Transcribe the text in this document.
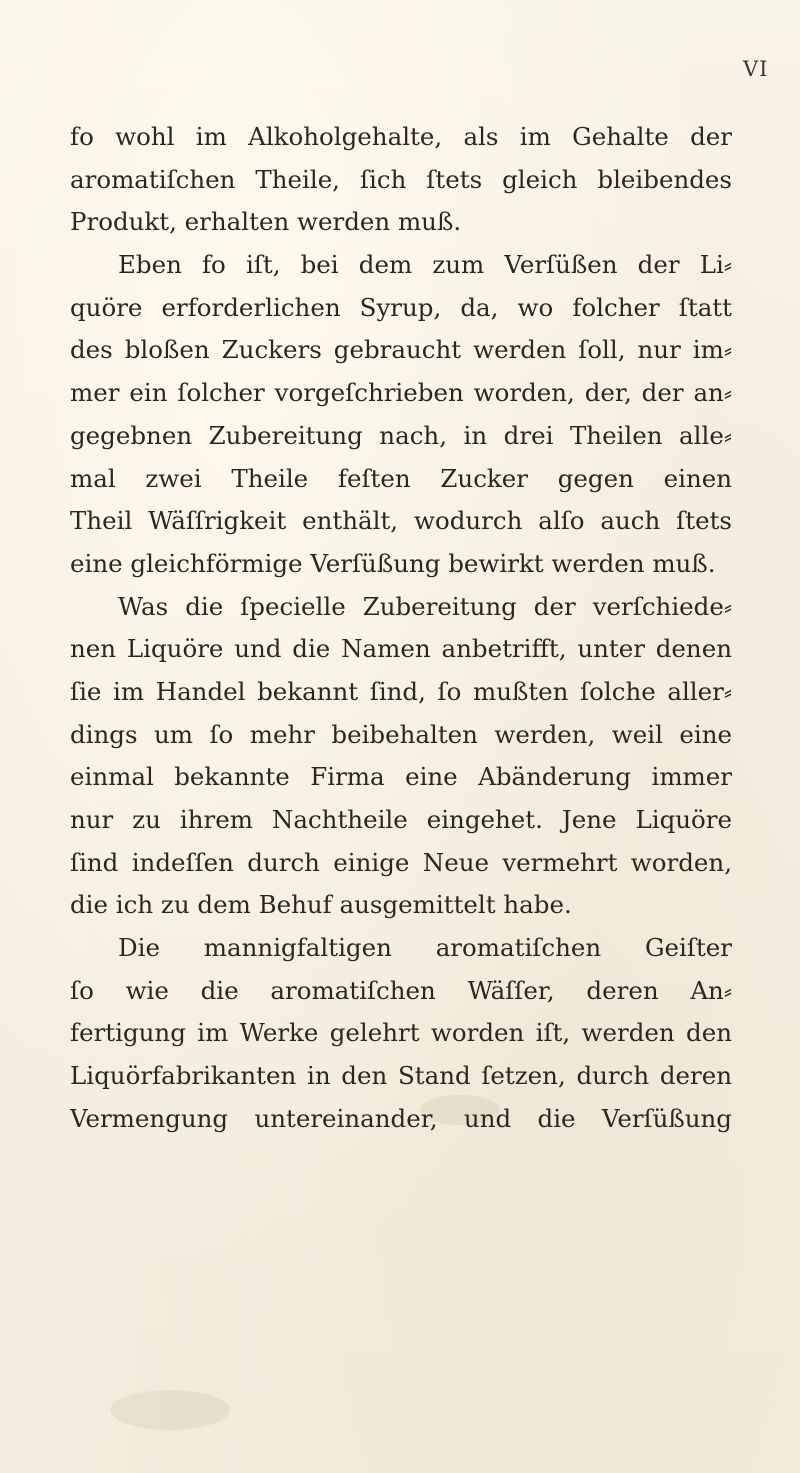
VI
fo wohl im Alkoholgehalte, als im Gehalte der
aromatiſchen Theile, ſich ſtets gleich bleibendes
Produkt, erhalten werden muß.
Eben fo iſt, bei dem zum Verſüßen der Li⸗
quöre erforderlichen Syrup, da, wo folcher ſtatt
des bloßen Zuckers gebraucht werden ſoll, nur im⸗
mer ein ſolcher vorgeſchrieben worden, der, der an⸗
gegebnen Zubereitung nach, in drei Theilen alle⸗
mal zwei Theile feſten Zucker gegen einen
Theil Wäſſrigkeit enthält, wodurch alſo auch ſtets
eine gleichförmige Verſüßung bewirkt werden muß.
Was die ſpecielle Zubereitung der verſchiede⸗
nen Liquöre und die Namen anbetrifft, unter denen
ſie im Handel bekannt ſind, ſo mußten ſolche aller⸗
dings um ſo mehr beibehalten werden, weil eine
einmal bekannte Firma eine Abänderung immer
nur zu ihrem Nachtheile eingehet. Jene Liquöre
ſind indeſſen durch einige Neue vermehrt worden,
die ich zu dem Behuf ausgemittelt habe.
Die mannigfaltigen aromatiſchen Geiſter
ſo wie die aromatiſchen Wäſſer, deren An⸗
fertigung im Werke gelehrt worden iſt, werden den
Liquörfabrikanten in den Stand ſetzen, durch deren
Vermengung untereinander, und die Verſüßung
